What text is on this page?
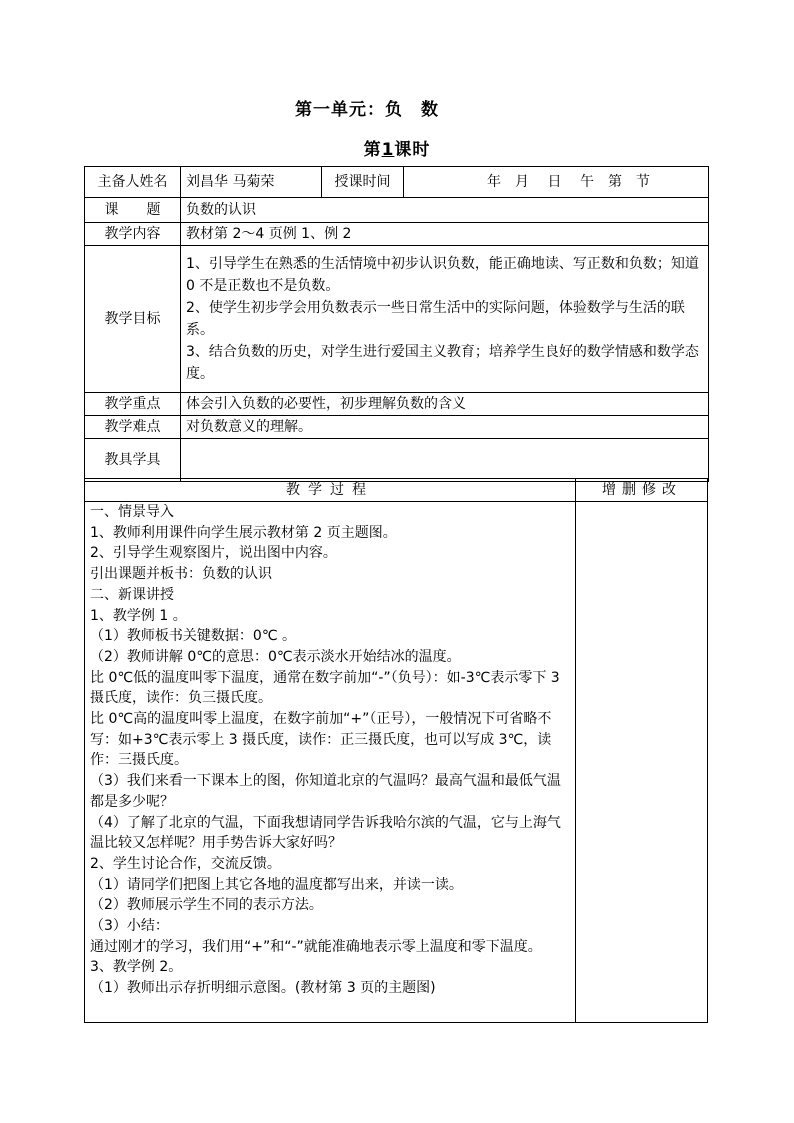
第一单元：负　数
第1课时
主备人姓名	刘昌华 马菊荣	授课时间	年　月　 日　 午　第　节
课　　题	负数的认识		
教学内容	教材第 2～4 页例 1、例 2		
教学目标	1、引导学生在熟悉的生活情境中初步认识负数，能正确地读、写正数和负数；知道 0 不是正数也不是负数。
2、使学生初步学会用负数表示一些日常生活中的实际问题，体验数学与生活的联系。
3、结合负数的历史，对学生进行爱国主义教育；培养学生良好的数学情感和数学态度。		

教学重点	体会引入负数的必要性，初步理解负数的含义		
教学难点	对负数意义的理解。		
教具学具			
教学过程	增删修改
一、情景导入
1、教师利用课件向学生展示教材第 2 页主题图。
2、引导学生观察图片，说出图中内容。
引出课题并板书：负数的认识
二、新课讲授
1、教学例 1 。
（1）教师板书关键数据：0℃ 。
（2）教师讲解 0℃的意思：0℃表示淡水开始结冰的温度。
比 0℃低的温度叫零下温度，通常在数字前加“-”（负号）：如-3℃表示零下 3 摄氏度，读作：负三摄氏度。
比 0℃高的温度叫零上温度，在数字前加“+”（正号），一般情况下可省略不写：如+3℃表示零上 3 摄氏度，读作：正三摄氏度，也可以写成 3℃，读作：三摄氏度。
（3）我们来看一下课本上的图，你知道北京的气温吗？最高气温和最低气温都是多少呢？
（4）了解了北京的气温，下面我想请同学告诉我哈尔滨的气温，它与上海气温比较又怎样呢？用手势告诉大家好吗？
2、学生讨论合作，交流反馈。
（1）请同学们把图上其它各地的温度都写出来，并读一读。
（2）教师展示学生不同的表示方法。
（3）小结：
通过刚才的学习，我们用“+”和“-”就能准确地表示零上温度和零下温度。
3、教学例 2。
（1）教师出示存折明细示意图。(教材第 3 页的主题图)
